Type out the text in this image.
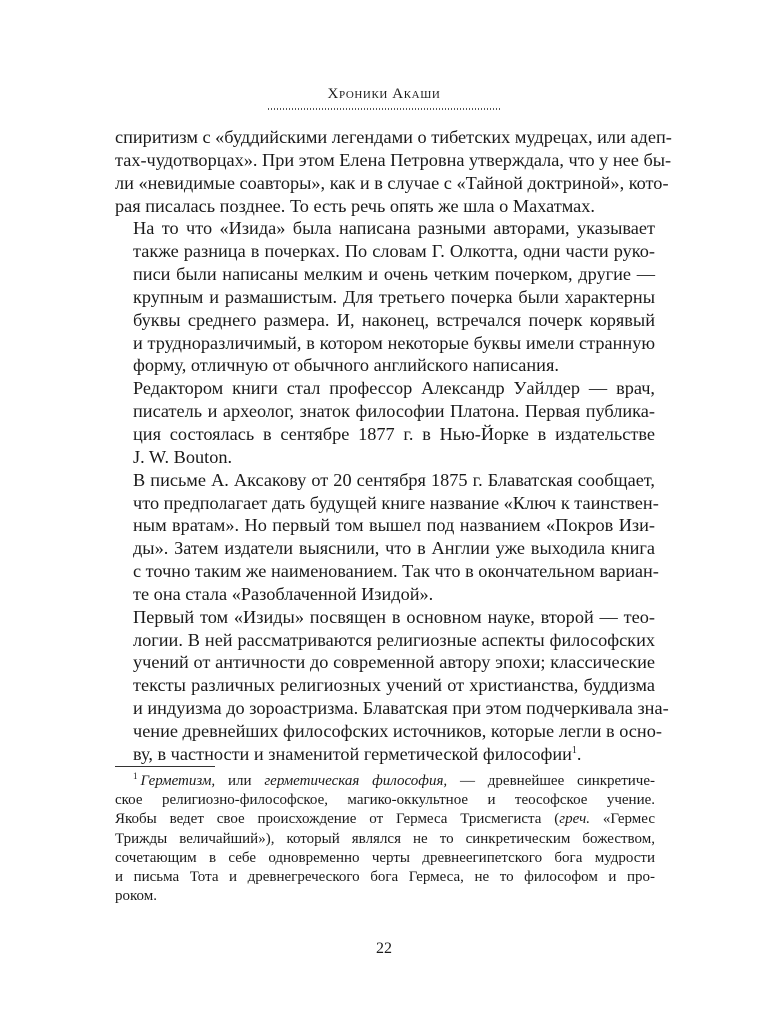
Хроники Акаши

спиритизм с «буддийскими легендами о тибетских мудрецах, или адеп-
тах-чудотворцах». При этом Елена Петровна утверждала, что у нее бы-
ли «невидимые соавторы», как и в случае с «Тайной доктриной», кото-
рая писалась позднее. То есть речь опять же шла о Махатмах.

На то что «Изида» была написана разными авторами, указывает
также разница в почерках. По словам Г. Олкотта, одни части руко-
писи были написаны мелким и очень четким почерком, другие —
крупным и размашистым. Для третьего почерка были характерны
буквы среднего размера. И, наконец, встречался почерк корявый
и трудноразличимый, в котором некоторые буквы имели странную
форму, отличную от обычного английского написания.

Редактором книги стал профессор Александр Уайлдер — врач,
писатель и археолог, знаток философии Платона. Первая публика-
ция состоялась в сентябре 1877 г. в Нью-Йорке в издательстве
J. W. Bouton.

В письме А. Аксакову от 20 сентября 1875 г. Блаватская сообщает,
что предполагает дать будущей книге название «Ключ к таинствен-
ным вратам». Но первый том вышел под названием «Покров Изи-
ды». Затем издатели выяснили, что в Англии уже выходила книга
с точно таким же наименованием. Так что в окончательном вариан-
те она стала «Разоблаченной Изидой».

Первый том «Изиды» посвящен в основном науке, второй — тео-
логии. В ней рассматриваются религиозные аспекты философских
учений от античности до современной автору эпохи; классические
тексты различных религиозных учений от христианства, буддизма
и индуизма до зороастризма. Блаватская при этом подчеркивала зна-
чение древнейших философских источников, которые легли в осно-
ву, в частности и знаменитой герметической философии$^1$.

$^1$ Герметизм, или герметическая философия, — древнейшее синкретиче-
ское религиозно-философское, магико-оккультное и теософское учение.
Якобы ведет свое происхождение от Гермеса Трисмегиста (греч. «Гермес
Трижды величайший»), который являлся не то синкретическим божеством,
сочетающим в себе одновременно черты древнеегипетского бога мудрости
и письма Тота и древнегреческого бога Гермеса, не то философом и про-
роком.
22
